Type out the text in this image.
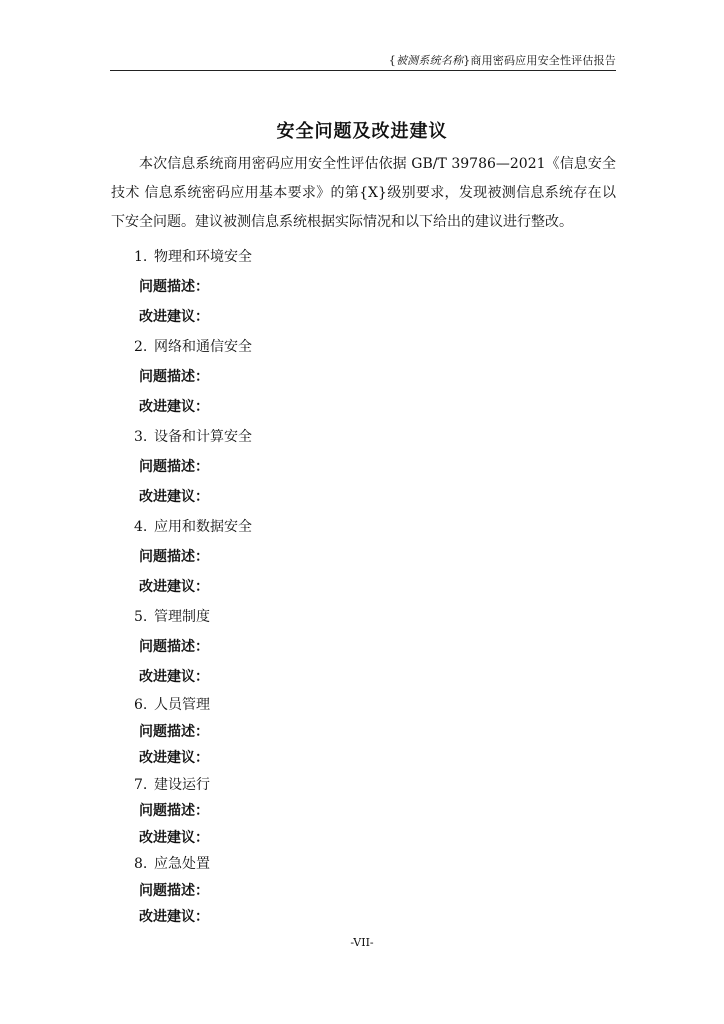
{被测系统名称}商用密码应用安全性评估报告
安全问题及改进建议
本次信息系统商用密码应用安全性评估依据 GB/T 39786—2021《信息安全技术 信息系统密码应用基本要求》的第{X}级别要求，发现被测信息系统存在以下安全问题。建议被测信息系统根据实际情况和以下给出的建议进行整改。
1. 物理和环境安全
问题描述：
改进建议：
2. 网络和通信安全
问题描述：
改进建议：
3. 设备和计算安全
问题描述：
改进建议：
4. 应用和数据安全
问题描述：
改进建议：
5. 管理制度
问题描述：
改进建议：
6. 人员管理
问题描述：
改进建议：
7. 建设运行
问题描述：
改进建议：
8. 应急处置
问题描述：
改进建议：
-VII-
